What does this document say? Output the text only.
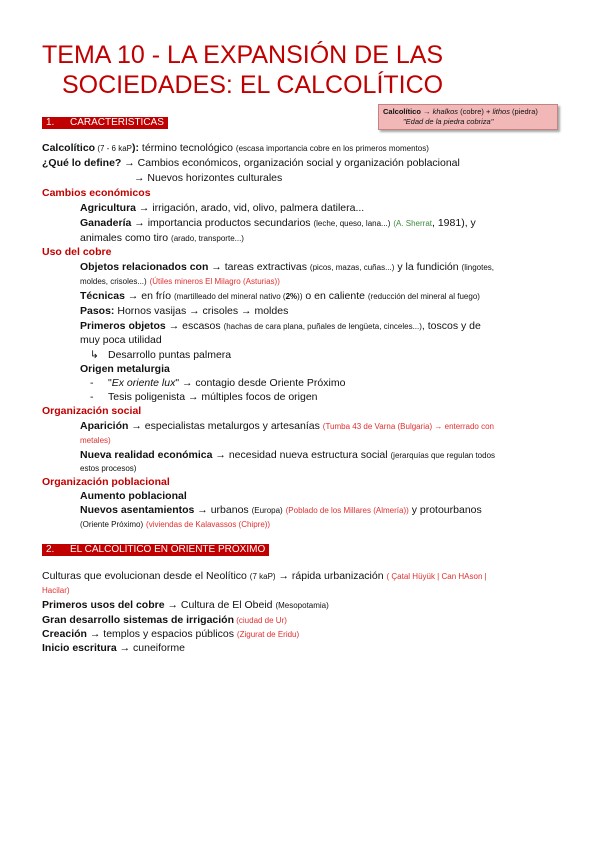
TEMA 10 - LA EXPANSIÓN DE LAS
SOCIEDADES: EL CALCOLÍTICO
Calcolítico → khalkos (cobre) + lithos (piedra)
"Edad de la piedra cobriza"
1. CARACTERÍSTICAS
Calcolítico (7 - 6 kaP): término tecnológico (escasa importancia cobre en los primeros momentos)
¿Qué lo define? → Cambios económicos, organización social y organización poblacional
→ Nuevos horizontes culturales
Cambios económicos
Agricultura → irrigación, arado, vid, olivo, palmera datilera...
Ganadería → importancia productos secundarios (leche, queso, lana...) (A. Sherrat, 1981), y
animales como tiro (arado, transporte...)
Uso del cobre
Objetos relacionados con → tareas extractivas (picos, mazas, cuñas...) y la fundición (lingotes,
moldes, crisoles...) (Útiles mineros El Milagro (Asturias))
Técnicas → en frío (martilleado del mineral nativo (2%)) o en caliente (reducción del mineral al fuego)
Pasos: Hornos vasijas → crisoles → moldes
Primeros objetos → escasos (hachas de cara plana, puñales de lengüeta, cinceles...), toscos y de
muy poca utilidad
↳ Desarrollo puntas palmera
Origen metalurgia
- "Ex oriente lux" → contagio desde Oriente Próximo
- Tesis poligenista → múltiples focos de origen
Organización social
Aparición → especialistas metalurgos y artesanías (Tumba 43 de Varna (Bulgaria) → enterrado con
metales)
Nueva realidad económica → necesidad nueva estructura social (jerarquías que regulan todos
estos procesos)
Organización poblacional
Aumento poblacional
Nuevos asentamientos → urbanos (Europa) (Poblado de los Millares (Almería)) y protourbanos
(Oriente Próximo) (viviendas de Kalavassos (Chipre))
2. EL CALCOLÍTICO EN ORIENTE PRÓXIMO
Culturas que evolucionan desde el Neolítico (7 kaP) → rápida urbanización ( Çatal Hüyük | Can HAson |
Hacilar)
Primeros usos del cobre → Cultura de El Obeid (Mesopotamia)
Gran desarrollo sistemas de irrigación (ciudad de Ur)
Creación → templos y espacios públicos (Zigurat de Eridu)
Inicio escritura → cuneiforme
